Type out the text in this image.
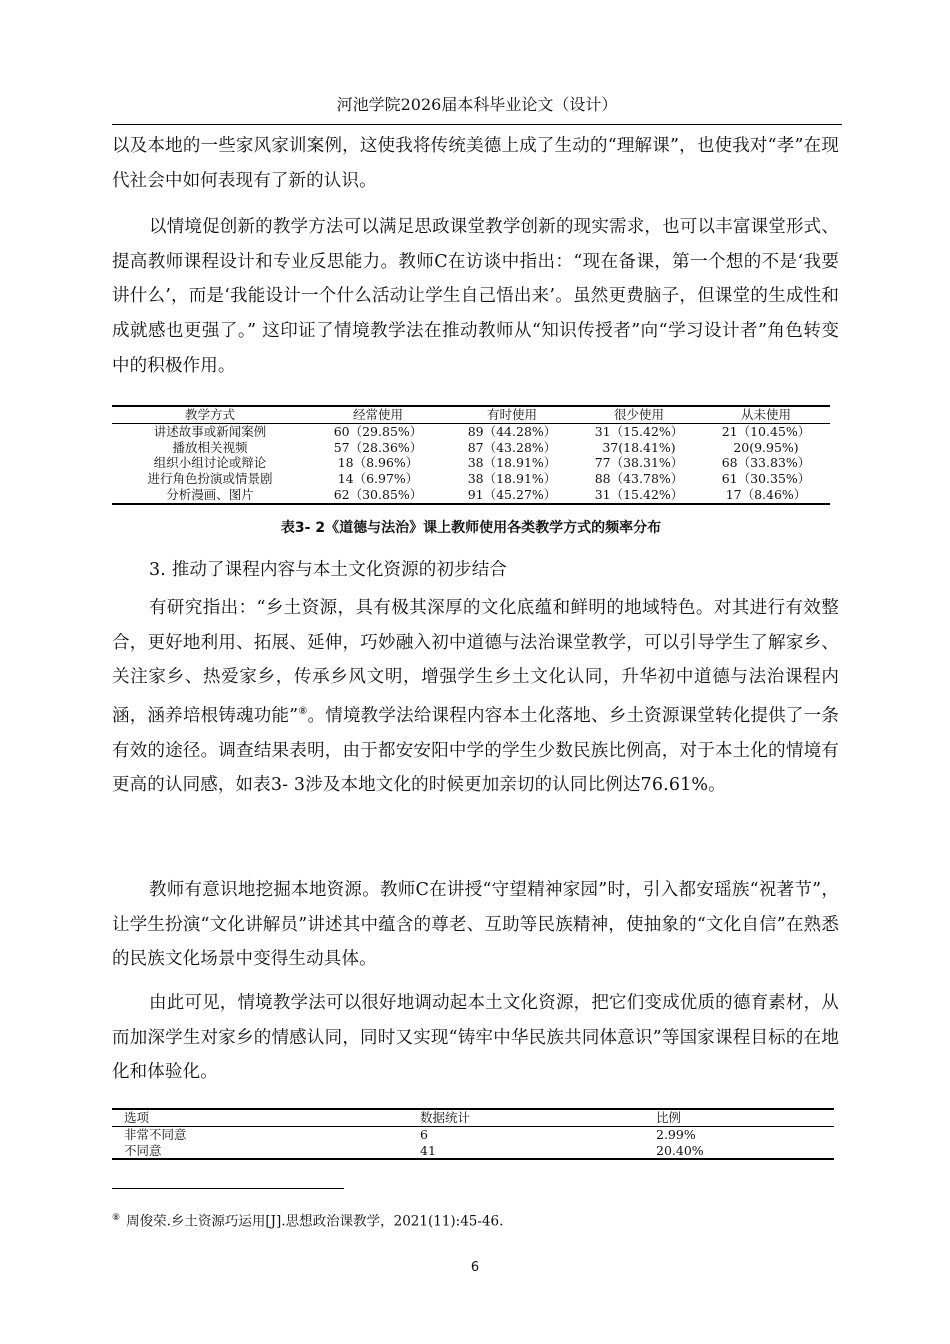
河池学院2026届本科毕业论文（设计）

以及本地的一些家风家训案例，这使我将传统美德上成了生动的“理解课”，也使我对“孝”在现代社会中如何表现有了新的认识。

以情境促创新的教学方法可以满足思政课堂教学创新的现实需求，也可以丰富课堂形式、提高教师课程设计和专业反思能力。教师C在访谈中指出：“现在备课，第一个想的不是‘我要讲什么’，而是‘我能设计一个什么活动让学生自己悟出来’。虽然更费脑子，但课堂的生成性和成就感也更强了。” 这印证了情境教学法在推动教师从“知识传授者”向“学习设计者”角色转变中的积极作用。

教学方式	经常使用	有时使用	很少使用	从未使用
讲述故事或新闻案例	60（29.85%）	89（44.28%）	31（15.42%）	21（10.45%）
播放相关视频	57（28.36%）	87（43.28%）	37(18.41%)	20(9.95%)
组织小组讨论或辩论	18（8.96%）	38（18.91%）	77（38.31%）	68（33.83%）
进行角色扮演或情景剧	14（6.97%）	38（18.91%）	88（43.78%）	61（30.35%）
分析漫画、图片	62（30.85%）	91（45.27%）	31（15.42%）	17（8.46%）
表3- 2《道德与法治》课上教师使用各类教学方式的频率分布

3. 推动了课程内容与本土文化资源的初步结合

有研究指出：“乡土资源，具有极其深厚的文化底蕴和鲜明的地域特色。对其进行有效整合，更好地利用、拓展、延伸，巧妙融入初中道德与法治课堂教学，可以引导学生了解家乡、关注家乡、热爱家乡，传承乡风文明，增强学生乡土文化认同，升华初中道德与法治课程内涵，涵养培根铸魂功能”⑧。情境教学法给课程内容本土化落地、乡土资源课堂转化提供了一条有效的途径。调查结果表明，由于都安安阳中学的学生少数民族比例高，对于本土化的情境有更高的认同感，如表3- 3涉及本地文化的时候更加亲切的认同比例达76.61%。

教师有意识地挖掘本地资源。教师C在讲授“守望精神家园”时，引入都安瑶族“祝著节”，让学生扮演“文化讲解员”讲述其中蕴含的尊老、互助等民族精神，使抽象的“文化自信”在熟悉的民族文化场景中变得生动具体。

由此可见，情境教学法可以很好地调动起本土文化资源，把它们变成优质的德育素材，从而加深学生对家乡的情感认同，同时又实现“铸牢中华民族共同体意识”等国家课程目标的在地化和体验化。

选项	数据统计	比例
非常不同意	6	2.99%
不同意	41	20.40%
⑧ 周俊荣.乡土资源巧运用[J].思想政治课教学，2021(11):45-46.
6
